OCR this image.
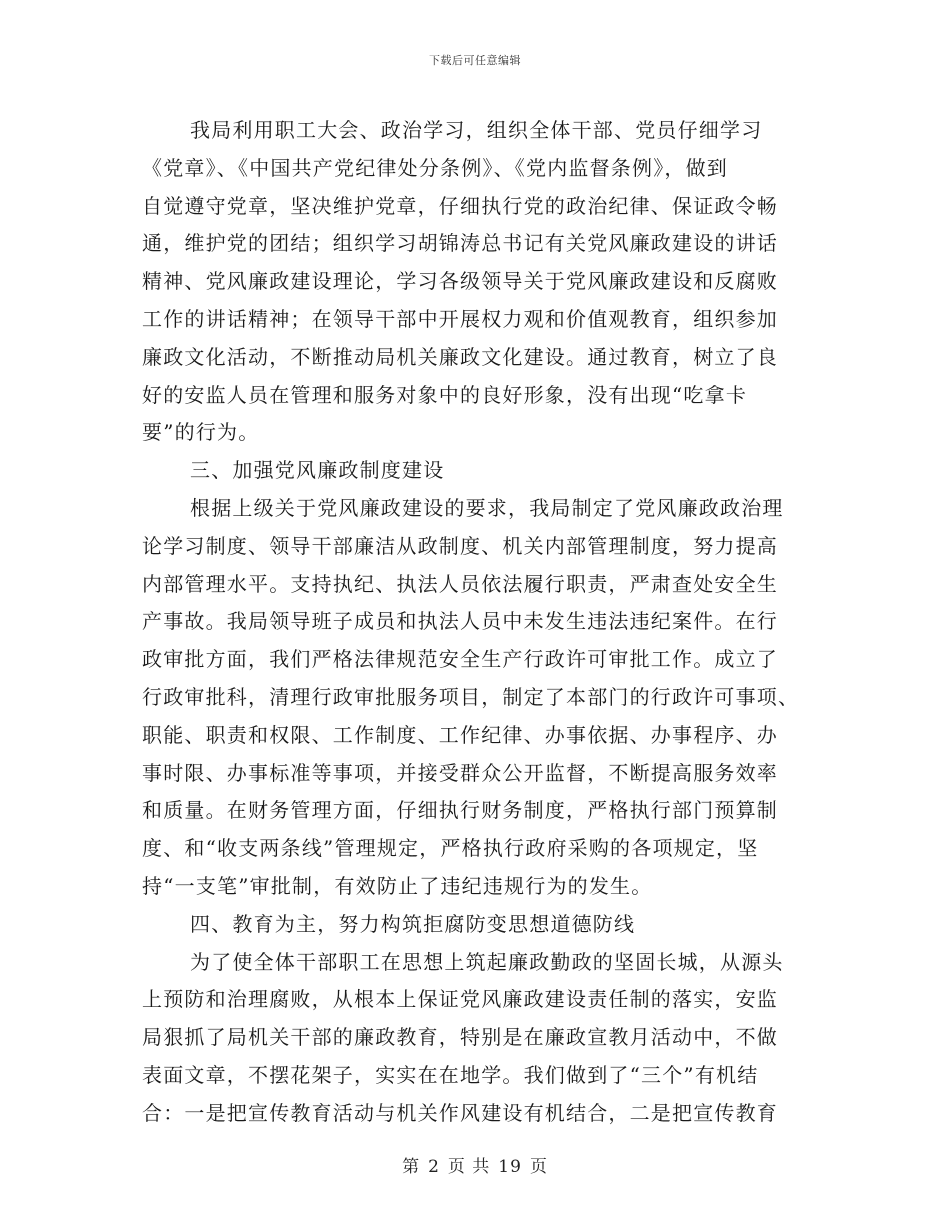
下载后可任意编辑
我局利用职工大会、政治学习，组织全体干部、党员仔细学习
《党章》、《中国共产党纪律处分条例》、《党内监督条例》，做到
自觉遵守党章，坚决维护党章，仔细执行党的政治纪律、保证政令畅
通，维护党的团结；组织学习胡锦涛总书记有关党风廉政建设的讲话
精神、党风廉政建设理论，学习各级领导关于党风廉政建设和反腐败
工作的讲话精神；在领导干部中开展权力观和价值观教育，组织参加
廉政文化活动，不断推动局机关廉政文化建设。通过教育，树立了良
好的安监人员在管理和服务对象中的良好形象，没有出现“吃拿卡
要”的行为。
三、加强党风廉政制度建设
根据上级关于党风廉政建设的要求，我局制定了党风廉政政治理
论学习制度、领导干部廉洁从政制度、机关内部管理制度，努力提高
内部管理水平。支持执纪、执法人员依法履行职责，严肃查处安全生
产事故。我局领导班子成员和执法人员中未发生违法违纪案件。在行
政审批方面，我们严格法律规范安全生产行政许可审批工作。成立了
行政审批科，清理行政审批服务项目，制定了本部门的行政许可事项、
职能、职责和权限、工作制度、工作纪律、办事依据、办事程序、办
事时限、办事标准等事项，并接受群众公开监督，不断提高服务效率
和质量。在财务管理方面，仔细执行财务制度，严格执行部门预算制
度、和“收支两条线”管理规定，严格执行政府采购的各项规定，坚
持“一支笔”审批制，有效防止了违纪违规行为的发生。
四、教育为主，努力构筑拒腐防变思想道德防线
为了使全体干部职工在思想上筑起廉政勤政的坚固长城，从源头
上预防和治理腐败，从根本上保证党风廉政建设责任制的落实，安监
局狠抓了局机关干部的廉政教育，特别是在廉政宣教月活动中，不做
表面文章，不摆花架子，实实在在地学。我们做到了“三个”有机结
合：一是把宣传教育活动与机关作风建设有机结合，二是把宣传教育
第 2 页 共 19 页
